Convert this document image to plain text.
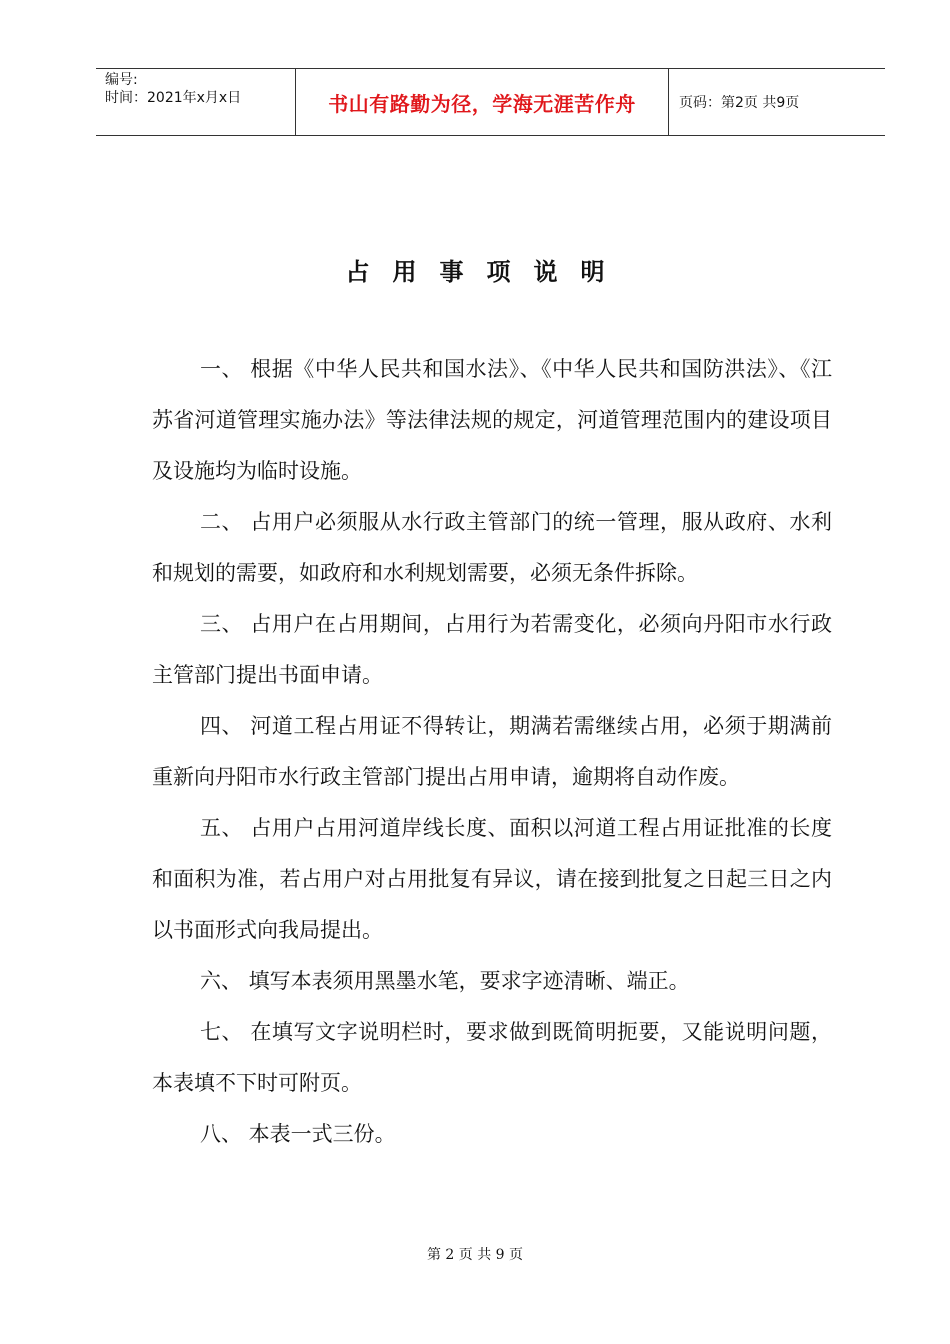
编号:
时间：2021年x月x日	书山有路勤为径，学海无涯苦作舟	页码：第2页 共9页
占用事项说明

一、 根据《中华人民共和国水法》、《中华人民共和国防洪法》、《江苏省河道管理实施办法》等法律法规的规定，河道管理范围内的建设项目及设施均为临时设施。

二、 占用户必须服从水行政主管部门的统一管理，服从政府、水利和规划的需要，如政府和水利规划需要，必须无条件拆除。

三、 占用户在占用期间，占用行为若需变化，必须向丹阳市水行政主管部门提出书面申请。

四、 河道工程占用证不得转让，期满若需继续占用，必须于期满前重新向丹阳市水行政主管部门提出占用申请，逾期将自动作废。

五、 占用户占用河道岸线长度、面积以河道工程占用证批准的长度和面积为准，若占用户对占用批复有异议，请在接到批复之日起三日之内以书面形式向我局提出。

六、 填写本表须用黑墨水笔，要求字迹清晰、端正。

七、 在填写文字说明栏时，要求做到既简明扼要，又能说明问题，本表填不下时可附页。

八、 本表一式三份。

第 2 页 共 9 页
